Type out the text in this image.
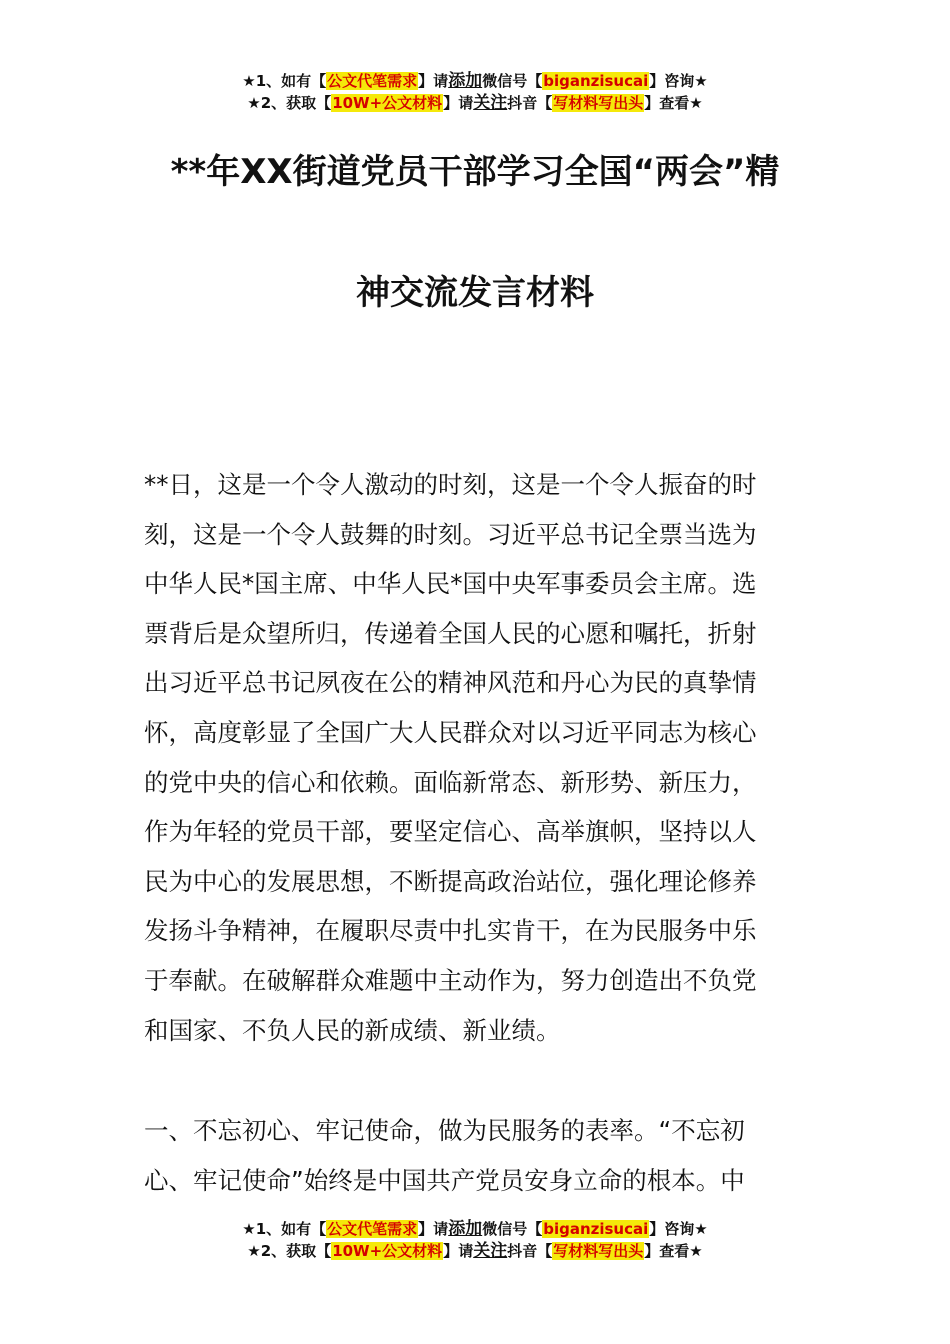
★1、如有【公文代笔需求】请添加微信号【biganzisucai】咨询★
★2、获取【10W+公文材料】请关注抖音【写材料写出头】查看★
**年XX街道党员干部学习全国“两会”精
神交流发言材料
**日，这是一个令人激动的时刻，这是一个令人振奋的时
刻，这是一个令人鼓舞的时刻。习近平总书记全票当选为
中华人民*国主席、中华人民*国中央军事委员会主席。选
票背后是众望所归，传递着全国人民的心愿和嘱托，折射
出习近平总书记夙夜在公的精神风范和丹心为民的真挚情
怀，高度彰显了全国广大人民群众对以习近平同志为核心
的党中央的信心和依赖。面临新常态、新形势、新压力，
作为年轻的党员干部，要坚定信心、高举旗帜，坚持以人
民为中心的发展思想，不断提高政治站位，强化理论修养
发扬斗争精神，在履职尽责中扎实肯干，在为民服务中乐
于奉献。在破解群众难题中主动作为，努力创造出不负党
和国家、不负人民的新成绩、新业绩。
一、不忘初心、牢记使命，做为民服务的表率。“不忘初
心、牢记使命”始终是中国共产党员安身立命的根本。中
★1、如有【公文代笔需求】请添加微信号【biganzisucai】咨询★
★2、获取【10W+公文材料】请关注抖音【写材料写出头】查看★
